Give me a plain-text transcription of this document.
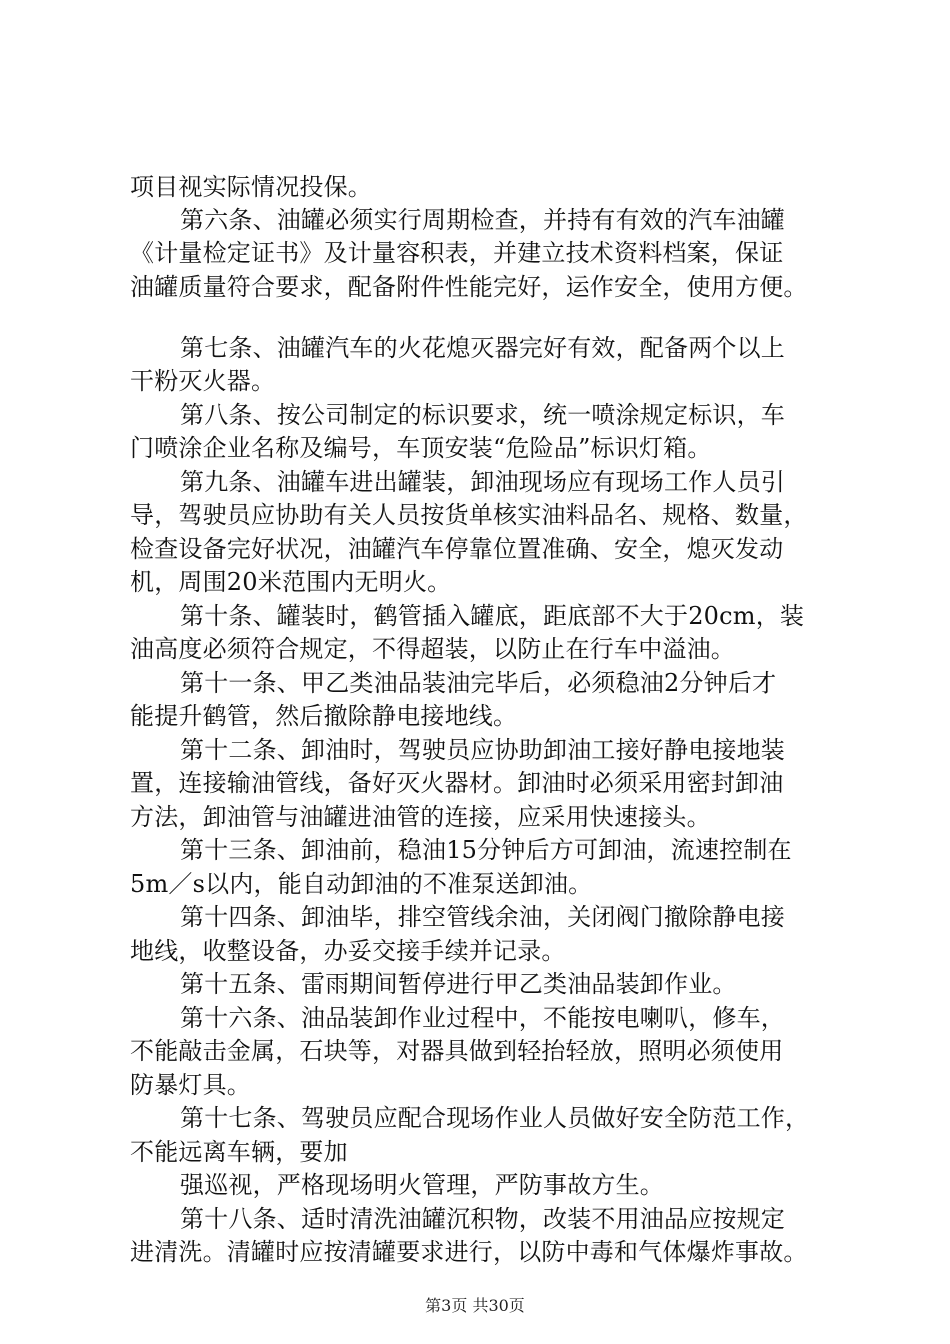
项目视实际情况投保。
第六条、油罐必须实行周期检查，并持有有效的汽车油罐
《计量检定证书》及计量容积表，并建立技术资料档案，保证
油罐质量符合要求，配备附件性能完好，运作安全，使用方便。
第七条、油罐汽车的火花熄灭器完好有效，配备两个以上
干粉灭火器。
第八条、按公司制定的标识要求，统一喷涂规定标识，车
门喷涂企业名称及编号，车顶安装“危险品”标识灯箱。
第九条、油罐车进出罐装，卸油现场应有现场工作人员引
导，驾驶员应协助有关人员按货单核实油料品名、规格、数量，
检查设备完好状况，油罐汽车停靠位置准确、安全，熄灭发动
机，周围20米范围内无明火。
第十条、罐装时，鹤管插入罐底，距底部不大于20cm，装
油高度必须符合规定，不得超装，以防止在行车中溢油。
第十一条、甲乙类油品装油完毕后，必须稳油2分钟后才
能提升鹤管，然后撤除静电接地线。
第十二条、卸油时，驾驶员应协助卸油工接好静电接地装
置，连接输油管线，备好灭火器材。卸油时必须采用密封卸油
方法，卸油管与油罐进油管的连接，应采用快速接头。
第十三条、卸油前，稳油15分钟后方可卸油，流速控制在
5m／s以内，能自动卸油的不准泵送卸油。
第十四条、卸油毕，排空管线余油，关闭阀门撤除静电接
地线，收整设备，办妥交接手续并记录。
第十五条、雷雨期间暂停进行甲乙类油品装卸作业。
第十六条、油品装卸作业过程中，不能按电喇叭，修车，
不能敲击金属，石块等，对器具做到轻抬轻放，照明必须使用
防暴灯具。
第十七条、驾驶员应配合现场作业人员做好安全防范工作，
不能远离车辆，要加
强巡视，严格现场明火管理，严防事故方生。
第十八条、适时清洗油罐沉积物，改装不用油品应按规定
进清洗。清罐时应按清罐要求进行，以防中毒和气体爆炸事故。
第3页 共30页
